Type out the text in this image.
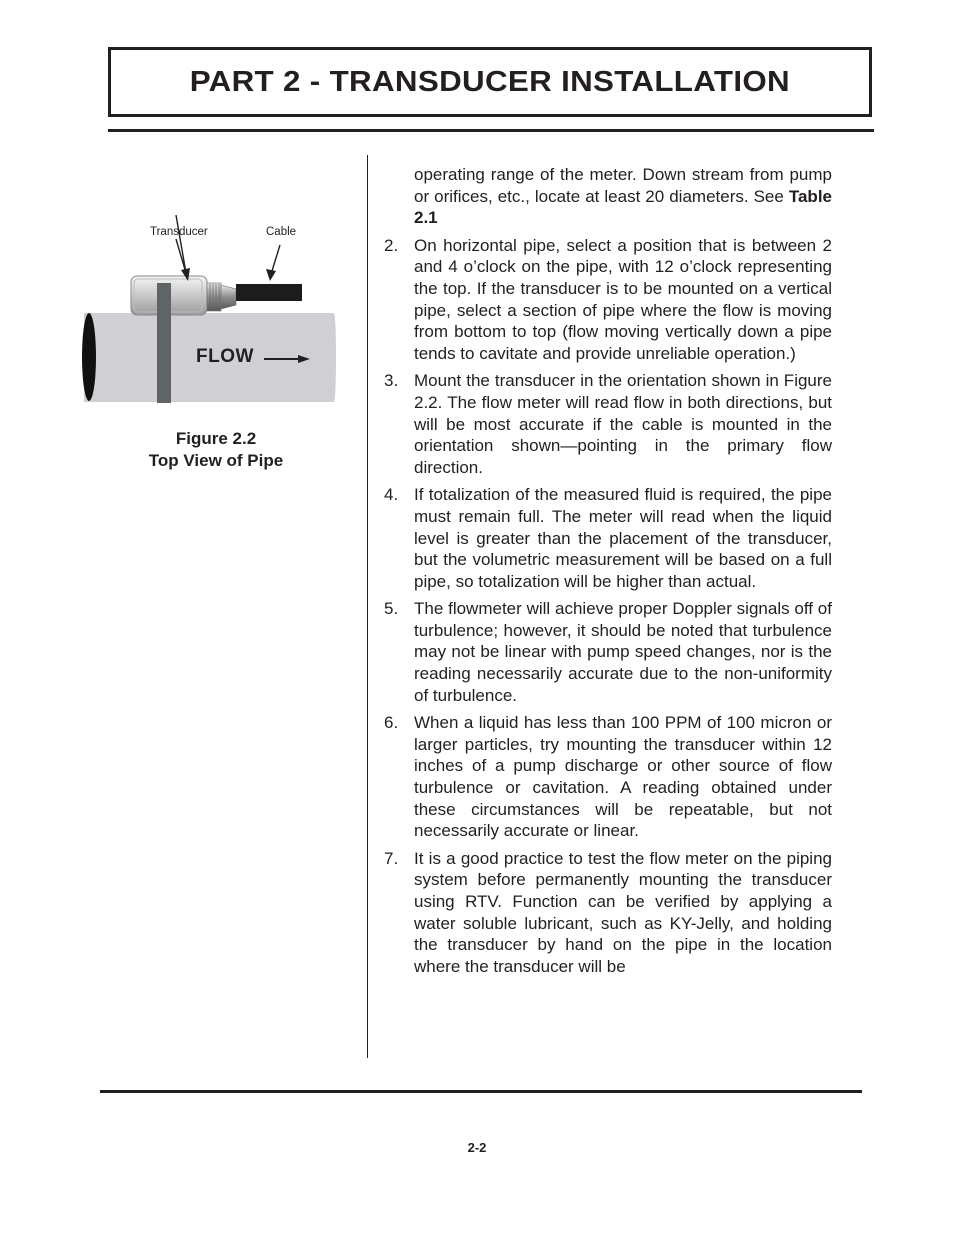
PART 2 - TRANSDUCER INSTALLATION
Transducer	Cable
FLOW
Figure 2.2
Top View of Pipe
operating range of the meter. Down stream from pump or orifices, etc., locate at least 20 diameters. See Table 2.1
2. On horizontal pipe, select a position that is between 2 and 4 o’clock on the pipe, with 12 o’clock representing the top. If the transducer is to be mounted on a vertical pipe, select a section of pipe where the flow is moving from bottom to top (flow moving vertically down a pipe tends to cavitate and provide unreliable operation.)
3. Mount the transducer in the orientation shown in Figure 2.2. The flow meter will read flow in both directions, but will be most accurate if the cable is mounted in the orientation shown—pointing in the primary flow direction.
4. If totalization of the measured fluid is required, the pipe must remain full. The meter will read when the liquid level is greater than the placement of the transducer, but the volumetric measurement will be based on a full pipe, so totalization will be higher than actual.
5. The flowmeter will achieve proper Doppler signals off of turbulence; however, it should be noted that turbulence may not be linear with pump speed changes, nor is the reading necessarily accurate due to the non-uniformity of turbulence.
6. When a liquid has less than 100 PPM of 100 micron or larger particles, try mounting the transducer within 12 inches of a pump discharge or other source of flow turbulence or cavitation. A reading obtained under these circumstances will be repeatable, but not necessarily accurate or linear.
7. It is a good practice to test the flow meter on the piping system before permanently mounting the transducer using RTV. Function can be verified by applying a water soluble lubricant, such as KY-Jelly, and holding the transducer by hand on the pipe in the location where the transducer will be
2-2
